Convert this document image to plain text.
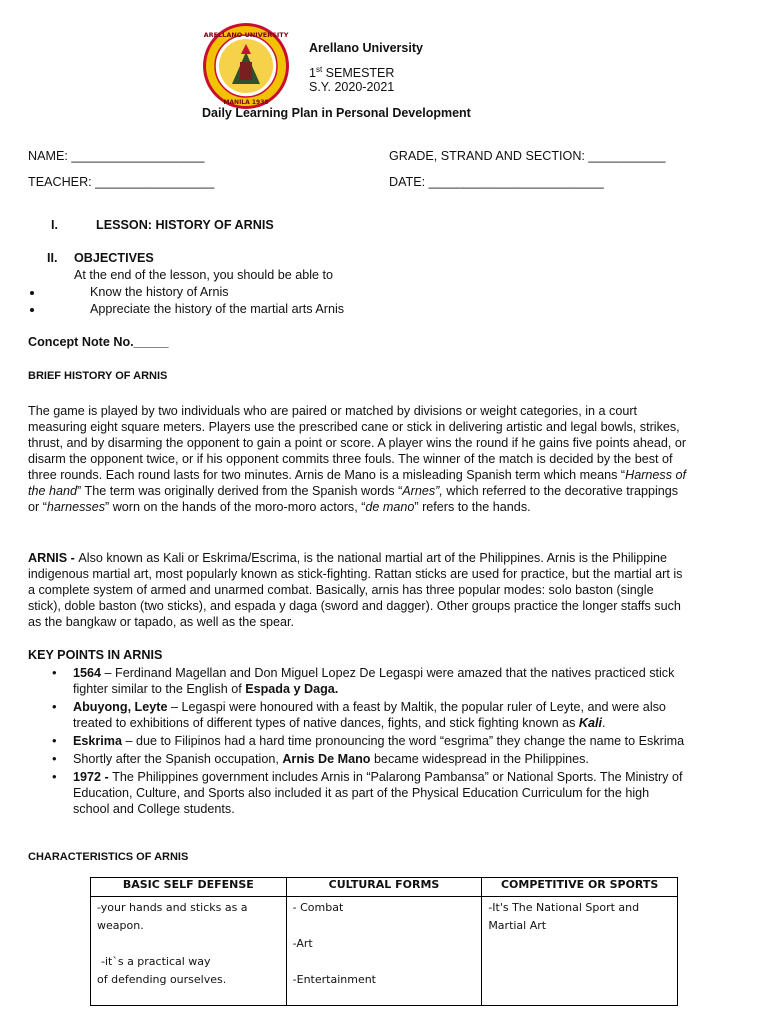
ARELLANO UNIVERSITY
MANILA 1938
Arellano University
1st SEMESTER
S.Y. 2020-2021
Daily Learning Plan in Personal Development
NAME: ___________________	GRADE, STRAND AND SECTION: ___________
TEACHER: _________________	DATE: _________________________
I.	LESSON: HISTORY OF ARNIS
II. OBJECTIVES
At the end of the lesson, you should be able to
Know the history of Arnis
Appreciate the history of the martial arts Arnis
Concept Note No._____
BRIEF HISTORY OF ARNIS
The game is played by two individuals who are paired or matched by divisions or weight categories, in a court measuring eight square meters. Players use the prescribed cane or stick in delivering artistic and legal bowls, strikes, thrust, and by disarming the opponent to gain a point or score. A player wins the round if he gains five points ahead, or disarm the opponent twice, or if his opponent commits three fouls. The winner of the match is decided by the best of three rounds. Each round lasts for two minutes. Arnis de Mano is a misleading Spanish term which means “Harness of the hand” The term was originally derived from the Spanish words “Arnes”, which referred to the decorative trappings or “harnesses” worn on the hands of the moro-moro actors, “de mano” refers to the hands.
ARNIS - Also known as Kali or Eskrima/Escrima, is the national martial art of the Philippines. Arnis is the Philippine indigenous martial art, most popularly known as stick-fighting. Rattan sticks are used for practice, but the martial art is a complete system of armed and unarmed combat. Basically, arnis has three popular modes: solo baston (single stick), doble baston (two sticks), and espada y daga (sword and dagger). Other groups practice the longer staffs such as the bangkaw or tapado, as well as the spear.
KEY POINTS IN ARNIS
• 1564 – Ferdinand Magellan and Don Miguel Lopez De Legaspi were amazed that the natives practiced stick fighter similar to the English of Espada y Daga.
• Abuyong, Leyte – Legaspi were honoured with a feast by Maltik, the popular ruler of Leyte, and were also treated to exhibitions of different types of native dances, fights, and stick fighting known as Kali.
• Eskrima – due to Filipinos had a hard time pronouncing the word “esgrima” they change the name to Eskrima
• Shortly after the Spanish occupation, Arnis De Mano became widespread in the Philippines.
• 1972 - The Philippines government includes Arnis in “Palarong Pambansa” or National Sports. The Ministry of Education, Culture, and Sports also included it as part of the Physical Education Curriculum for the high school and College students.
CHARACTERISTICS OF ARNIS
BASIC SELF DEFENSE	CULTURAL FORMS	COMPETITIVE OR SPORTS

-your hands and sticks as a
weapon.
-it`s a practical way
of defending ourselves.	- Combat
-Art
-Entertainment	-It's The National Sport and
Martial Art
